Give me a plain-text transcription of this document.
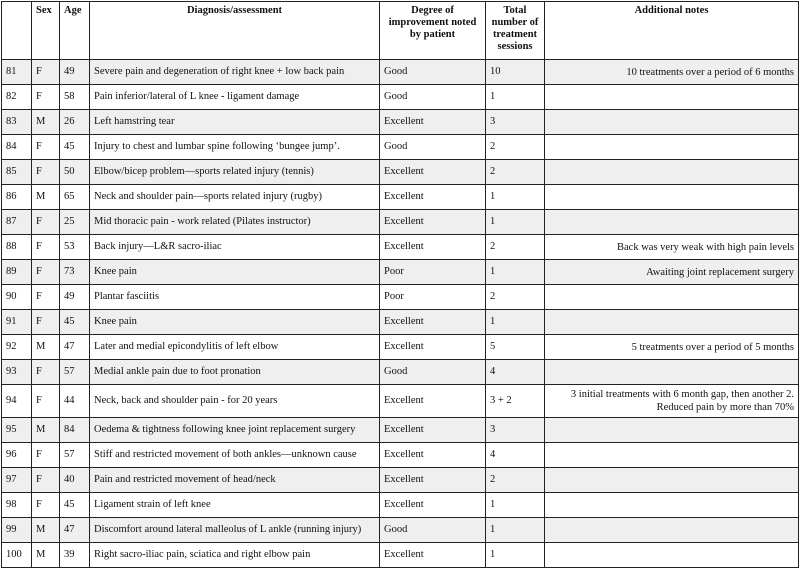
	Sex	Age	Diagnosis/assessment	Degree of improvement noted by patient	Total number of treatment sessions	Additional notes
81	F	49	Severe pain and degeneration of right knee + low back pain	Good	10	10 treatments over a period of 6 months
82	F	58	Pain inferior/lateral of L knee - ligament damage	Good	1	
83	M	26	Left hamstring tear	Excellent	3	
84	F	45	Injury to chest and lumbar spine following ‘bungee jump’.	Good	2	
85	F	50	Elbow/bicep problem—sports related injury (tennis)	Excellent	2	
86	M	65	Neck and shoulder pain—sports related injury (rugby)	Excellent	1	
87	F	25	Mid thoracic pain - work related (Pilates instructor)	Excellent	1	
88	F	53	Back injury—L&R sacro-iliac	Excellent	2	Back was very weak with high pain levels
89	F	73	Knee pain	Poor	1	Awaiting joint replacement surgery
90	F	49	Plantar fasciitis	Poor	2	
91	F	45	Knee pain	Excellent	1	
92	M	47	Later and medial epicondylitis of left elbow	Excellent	5	5 treatments over a period of 5 months
93	F	57	Medial ankle pain due to foot pronation	Good	4	
94	F	44	Neck, back and shoulder pain - for 20 years	Excellent	3 + 2	3 initial treatments with 6 month gap, then another 2. Reduced pain by more than 70%
95	M	84	Oedema & tightness following knee joint replacement surgery	Excellent	3	
96	F	57	Stiff and restricted movement of both ankles—unknown cause	Excellent	4	
97	F	40	Pain and restricted movement of head/neck	Excellent	2	
98	F	45	Ligament strain of left knee	Excellent	1	
99	M	47	Discomfort around lateral malleolus of L ankle (running injury)	Good	1	
100	M	39	Right sacro-iliac pain, sciatica and right elbow pain	Excellent	1	
